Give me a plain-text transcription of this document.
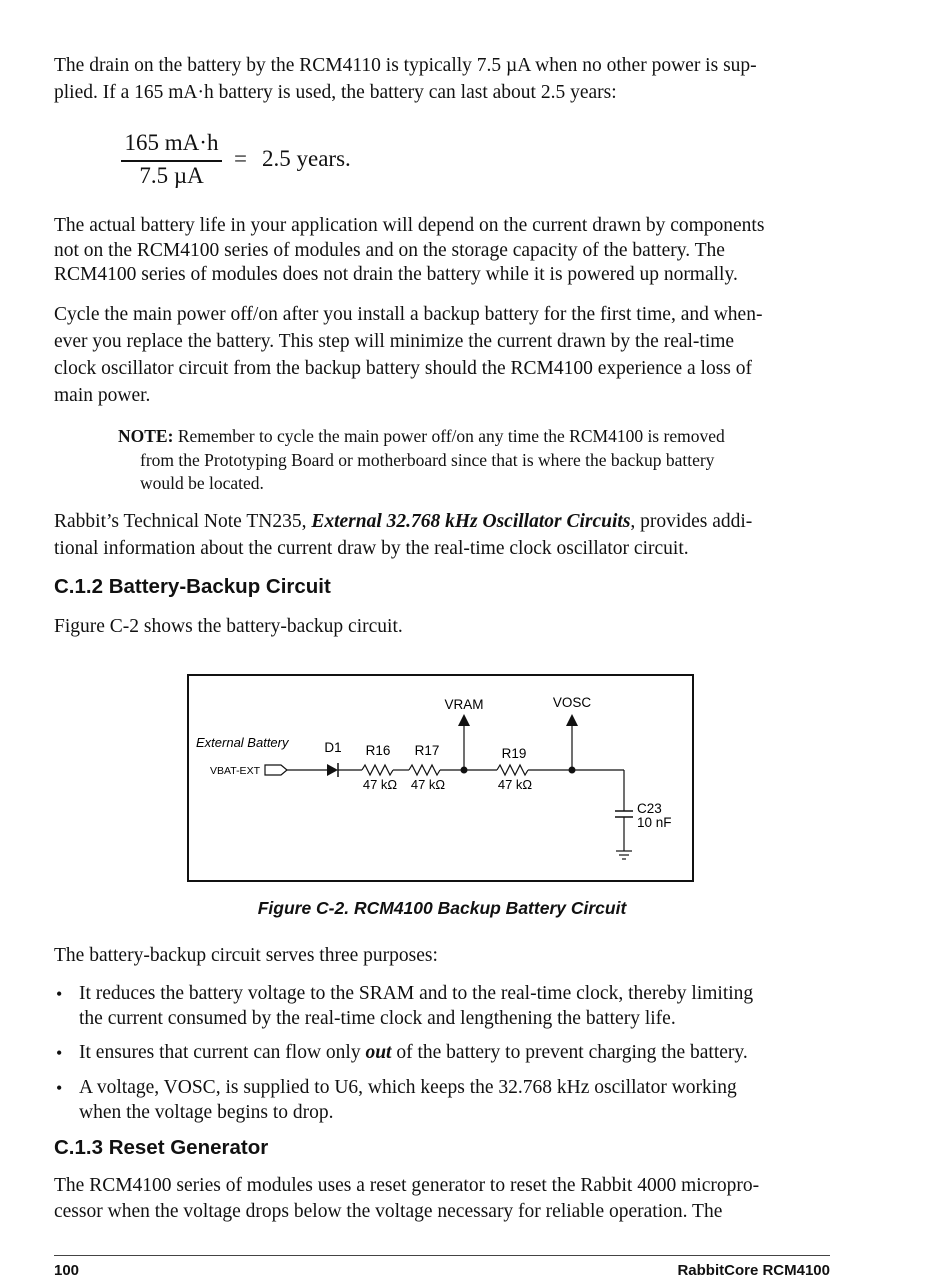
The drain on the battery by the RCM4110 is typically 7.5 µA when no other power is sup-
plied. If a 165 mA·h battery is used, the battery can last about 2.5 years:
165 mA·h
7.5 µA
= 2.5 years.
The actual battery life in your application will depend on the current drawn by components
not on the RCM4100 series of modules and on the storage capacity of the battery. The
RCM4100 series of modules does not drain the battery while it is powered up normally.
Cycle the main power off/on after you install a backup battery for the first time, and when-
ever you replace the battery. This step will minimize the current drawn by the real-time
clock oscillator circuit from the backup battery should the RCM4100 experience a loss of
main power.
NOTE: Remember to cycle the main power off/on any time the RCM4100 is removed
from the Prototyping Board or motherboard since that is where the backup battery
would be located.
Rabbit’s Technical Note TN235, External 32.768 kHz Oscillator Circuits, provides addi-
tional information about the current draw by the real-time clock oscillator circuit.
C.1.2 Battery-Backup Circuit
Figure C-2 shows the battery-backup circuit.
VRAM	VOSC
External Battery
VBAT-EXT
D1 R16 R17	R19
47 kΩ 47 kΩ	47 kΩ
C23
10 nF
Figure C-2. RCM4100 Backup Battery Circuit
The battery-backup circuit serves three purposes:
• It reduces the battery voltage to the SRAM and to the real-time clock, thereby limiting
the current consumed by the real-time clock and lengthening the battery life.
• It ensures that current can flow only out of the battery to prevent charging the battery.
• A voltage, VOSC, is supplied to U6, which keeps the 32.768 kHz oscillator working
when the voltage begins to drop.
C.1.3 Reset Generator
The RCM4100 series of modules uses a reset generator to reset the Rabbit 4000 micropro-
cessor when the voltage drops below the voltage necessary for reliable operation. The
100	RabbitCore RCM4100
